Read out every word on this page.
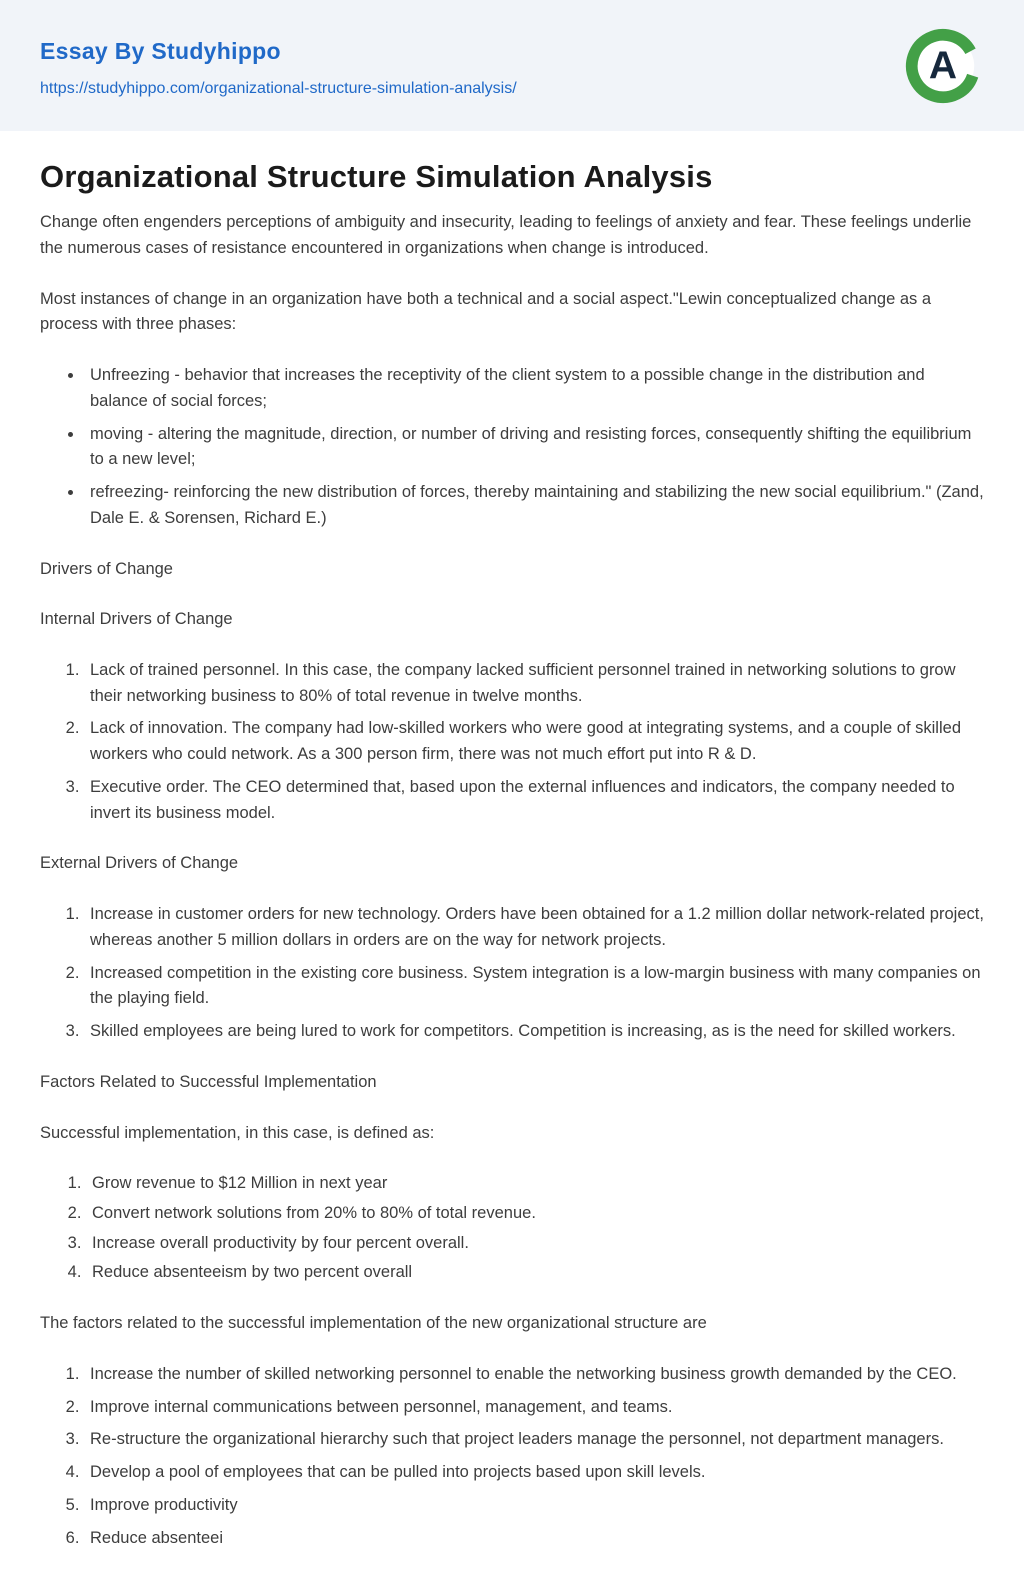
Essay By Studyhippo
https://studyhippo.com/organizational-structure-simulation-analysis/
A
Organizational Structure Simulation Analysis

Change often engenders perceptions of ambiguity and insecurity, leading to feelings of anxiety and fear. These feelings underlie the numerous cases of resistance encountered in organizations when change is introduced.

Most instances of change in an organization have both a technical and a social aspect."Lewin conceptualized change as a process with three phases:

• Unfreezing - behavior that increases the receptivity of the client system to a possible change in the distribution and balance of social forces;
• moving - altering the magnitude, direction, or number of driving and resisting forces, consequently shifting the equilibrium to a new level;
• refreezing- reinforcing the new distribution of forces, thereby maintaining and stabilizing the new social equilibrium." (Zand, Dale E. & Sorensen, Richard E.)

Drivers of Change

Internal Drivers of Change

1. Lack of trained personnel. In this case, the company lacked sufficient personnel trained in networking solutions to grow their networking business to 80% of total revenue in twelve months.
2. Lack of innovation. The company had low-skilled workers who were good at integrating systems, and a couple of skilled workers who could network. As a 300 person firm, there was not much effort put into R & D.
3. Executive order. The CEO determined that, based upon the external influences and indicators, the company needed to invert its business model.

External Drivers of Change

1. Increase in customer orders for new technology. Orders have been obtained for a 1.2 million dollar network-related project, whereas another 5 million dollars in orders are on the way for network projects.
2. Increased competition in the existing core business. System integration is a low-margin business with many companies on the playing field.
3. Skilled employees are being lured to work for competitors. Competition is increasing, as is the need for skilled workers.

Factors Related to Successful Implementation

Successful implementation, in this case, is defined as:

1. Grow revenue to $12 Million in next year
2. Convert network solutions from 20% to 80% of total revenue.
3. Increase overall productivity by four percent overall.
4. Reduce absenteeism by two percent overall

The factors related to the successful implementation of the new organizational structure are

1. Increase the number of skilled networking personnel to enable the networking business growth demanded by the CEO.
2. Improve internal communications between personnel, management, and teams.
3. Re-structure the organizational hierarchy such that project leaders manage the personnel, not department managers.
4. Develop a pool of employees that can be pulled into projects based upon skill levels.
5. Improve productivity
6. Reduce absenteei
